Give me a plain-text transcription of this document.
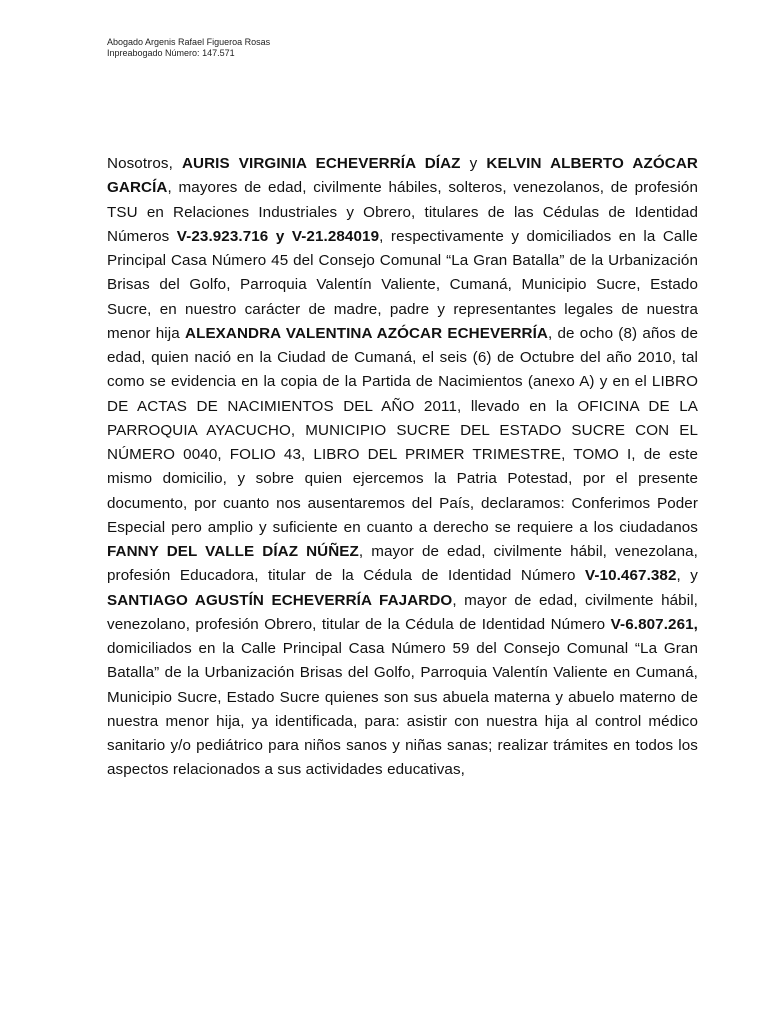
Abogado Argenis Rafael Figueroa Rosas
Inpreabogado Número: 147.571
Nosotros, AURIS VIRGINIA ECHEVERRÍA DÍAZ y KELVIN ALBERTO AZÓCAR GARCÍA, mayores de edad, civilmente hábiles, solteros, venezolanos, de profesión TSU en Relaciones Industriales y Obrero, titulares de las Cédulas de Identidad Números V-23.923.716 y V-21.284019, respectivamente y domiciliados en la Calle Principal Casa Número 45 del Consejo Comunal “La Gran Batalla” de la Urbanización Brisas del Golfo, Parroquia Valentín Valiente, Cumaná, Municipio Sucre, Estado Sucre, en nuestro carácter de madre, padre y representantes legales de nuestra menor hija ALEXANDRA VALENTINA AZÓCAR ECHEVERRÍA, de ocho (8) años de edad, quien nació en la Ciudad de Cumaná, el seis (6) de Octubre del año 2010, tal como se evidencia en la copia de la Partida de Nacimientos (anexo A) y en el LIBRO DE ACTAS DE NACIMIENTOS DEL AÑO 2011, llevado en la OFICINA DE LA PARROQUIA AYACUCHO, MUNICIPIO SUCRE DEL ESTADO SUCRE CON EL NÚMERO 0040, FOLIO 43, LIBRO DEL PRIMER TRIMESTRE, TOMO I, de este mismo domicilio, y sobre quien ejercemos la Patria Potestad, por el presente documento, por cuanto nos ausentaremos del País, declaramos: Conferimos Poder Especial pero amplio y suficiente en cuanto a derecho se requiere a los ciudadanos FANNY DEL VALLE DÍAZ NÚÑEZ, mayor de edad, civilmente hábil, venezolana, profesión Educadora, titular de la Cédula de Identidad Número V-10.467.382, y SANTIAGO AGUSTÍN ECHEVERRÍA FAJARDO, mayor de edad, civilmente hábil, venezolano, profesión Obrero, titular de la Cédula de Identidad Número V-6.807.261, domiciliados en la Calle Principal Casa Número 59 del Consejo Comunal “La Gran Batalla” de la Urbanización Brisas del Golfo, Parroquia Valentín Valiente en Cumaná, Municipio Sucre, Estado Sucre quienes son sus abuela materna y abuelo materno de nuestra menor hija, ya identificada, para: asistir con nuestra hija al control médico sanitario y/o pediátrico para niños sanos y niñas sanas; realizar trámites en todos los aspectos relacionados a sus actividades educativas,
